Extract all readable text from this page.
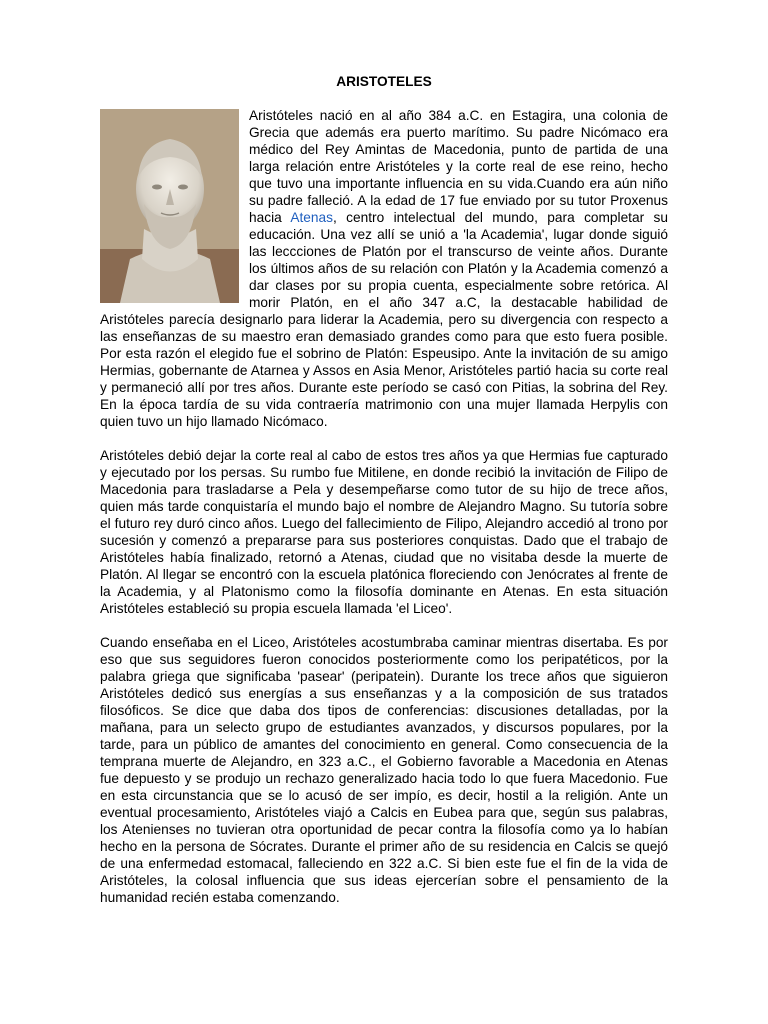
ARISTOTELES

Aristóteles nació en al año 384 a.C. en Estagira, una colonia de Grecia que además era puerto marítimo. Su padre Nicómaco era médico del Rey Amintas de Macedonia, punto de partida de una larga relación entre Aristóteles y la corte real de ese reino, hecho que tuvo una importante influencia en su vida.Cuando era aún niño su padre falleció. A la edad de 17 fue enviado por su tutor Proxenus hacia Atenas, centro intelectual del mundo, para completar su educación. Una vez allí se unió a 'la Academia', lugar donde siguió las leccciones de Platón por el transcurso de veinte años. Durante los últimos años de su relación con Platón y la Academia comenzó a dar clases por su propia cuenta, especialmente sobre retórica. Al morir Platón, en el año 347 a.C, la destacable habilidad de Aristóteles parecía designarlo para liderar la Academia, pero su divergencia con respecto a las enseñanzas de su maestro eran demasiado grandes como para que esto fuera posible. Por esta razón el elegido fue el sobrino de Platón: Espeusipo. Ante la invitación de su amigo Hermias, gobernante de Atarnea y Assos en Asia Menor, Aristóteles partió hacia su corte real y permaneció allí por tres años. Durante este período se casó con Pitias, la sobrina del Rey. En la época tardía de su vida contraería matrimonio con una mujer llamada Herpylis con quien tuvo un hijo llamado Nicómaco.

Aristóteles debió dejar la corte real al cabo de estos tres años ya que Hermias fue capturado y ejecutado por los persas. Su rumbo fue Mitilene, en donde recibió la invitación de Filipo de Macedonia para trasladarse a Pela y desempeñarse como tutor de su hijo de trece años, quien más tarde conquistaría el mundo bajo el nombre de Alejandro Magno. Su tutoría sobre el futuro rey duró cinco años. Luego del fallecimiento de Filipo, Alejandro accedió al trono por sucesión y comenzó a prepararse para sus posteriores conquistas. Dado que el trabajo de Aristóteles había finalizado, retornó a Atenas, ciudad que no visitaba desde la muerte de Platón. Al llegar se encontró con la escuela platónica floreciendo con Jenócrates al frente de la Academia, y al Platonismo como la filosofía dominante en Atenas. En esta situación Aristóteles estableció su propia escuela llamada 'el Liceo'.

Cuando enseñaba en el Liceo, Aristóteles acostumbraba caminar mientras disertaba. Es por eso que sus seguidores fueron conocidos posteriormente como los peripatéticos, por la palabra griega que significaba 'pasear' (peripatein). Durante los trece años que siguieron Aristóteles dedicó sus energías a sus enseñanzas y a la composición de sus tratados filosóficos. Se dice que daba dos tipos de conferencias: discusiones detalladas, por la mañana, para un selecto grupo de estudiantes avanzados, y discursos populares, por la tarde, para un público de amantes del conocimiento en general. Como consecuencia de la temprana muerte de Alejandro, en 323 a.C., el Gobierno favorable a Macedonia en Atenas fue depuesto y se produjo un rechazo generalizado hacia todo lo que fuera Macedonio. Fue en esta circunstancia que se lo acusó de ser impío, es decir, hostil a la religión. Ante un eventual procesamiento, Aristóteles viajó a Calcis en Eubea para que, según sus palabras, los Atenienses no tuvieran otra oportunidad de pecar contra la filosofía como ya lo habían hecho en la persona de Sócrates. Durante el primer año de su residencia en Calcis se quejó de una enfermedad estomacal, falleciendo en 322 a.C. Si bien este fue el fin de la vida de Aristóteles, la colosal influencia que sus ideas ejercerían sobre el pensamiento de la humanidad recién estaba comenzando.
